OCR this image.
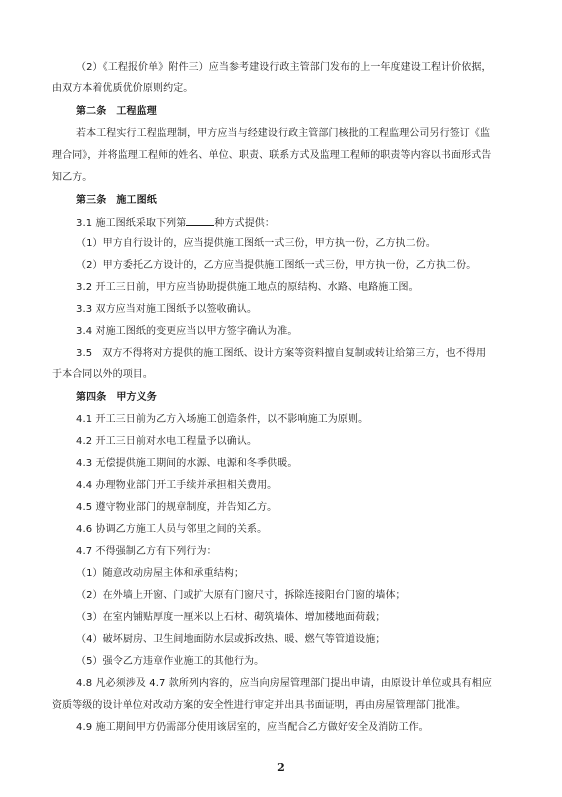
（2）《工程报价单》附件三）应当参考建设行政主管部门发布的上一年度建设工程计价依据，
由双方本着优质优价原则约定。
第二条　工程监理
若本工程实行工程监理制，甲方应当与经建设行政主管部门核批的工程监理公司另行签订《监
理合同》，并将监理工程师的姓名、单位、职责、联系方式及监理工程师的职责等内容以书面形式告
知乙方。
第三条　施工图纸
3.1 施工图纸采取下列第	种方式提供：
（1）甲方自行设计的，应当提供施工图纸一式三份，甲方执一份，乙方执二份。
（2）甲方委托乙方设计的，乙方应当提供施工图纸一式三份，甲方执一份，乙方执二份。
3.2 开工三日前，甲方应当协助提供施工地点的原结构、水路、电路施工图。
3.3 双方应当对施工图纸予以签收确认。
3.4 对施工图纸的变更应当以甲方签字确认为准。
3.5　双方不得将对方提供的施工图纸、设计方案等资料擅自复制或转让给第三方，也不得用
于本合同以外的项目。
第四条　甲方义务
4.1 开工三日前为乙方入场施工创造条件，以不影响施工为原则。
4.2 开工三日前对水电工程量予以确认。
4.3 无偿提供施工期间的水源、电源和冬季供暖。
4.4 办理物业部门开工手续并承担相关费用。
4.5 遵守物业部门的规章制度，并告知乙方。
4.6 协调乙方施工人员与邻里之间的关系。
4.7 不得强制乙方有下列行为：
（1）随意改动房屋主体和承重结构；
（2）在外墙上开窗、门或扩大原有门窗尺寸，拆除连接阳台门窗的墙体；
（3）在室内铺贴厚度一厘米以上石材、砌筑墙体、增加楼地面荷载；
（4）破坏厨房、卫生间地面防水层或拆改热、暖、燃气等管道设施；
（5）强令乙方违章作业施工的其他行为。
4.8 凡必须涉及 4.7 款所列内容的，应当向房屋管理部门提出申请，由原设计单位或具有相应
资质等级的设计单位对改动方案的安全性进行审定并出具书面证明，再由房屋管理部门批准。
4.9 施工期间甲方仍需部分使用该居室的，应当配合乙方做好安全及消防工作。
2
